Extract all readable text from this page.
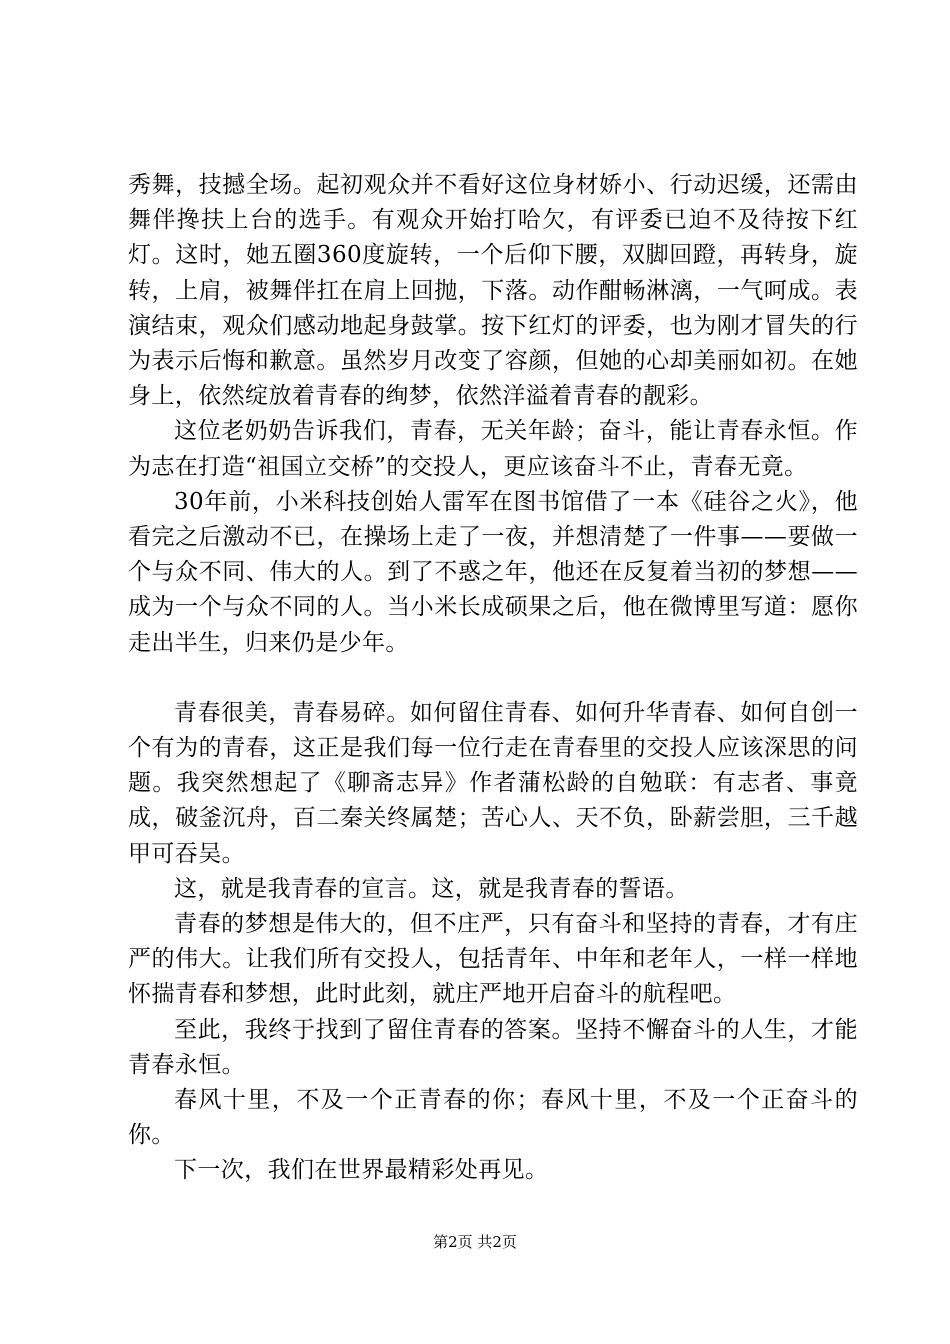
秀舞，技撼全场。起初观众并不看好这位身材娇小、行动迟缓，还需由舞伴搀扶上台的选手。有观众开始打哈欠，有评委已迫不及待按下红灯。这时，她五圈360度旋转，一个后仰下腰，双脚回蹬，再转身，旋转，上肩，被舞伴扛在肩上回抛，下落。动作酣畅淋漓，一气呵成。表演结束，观众们感动地起身鼓掌。按下红灯的评委，也为刚才冒失的行为表示后悔和歉意。虽然岁月改变了容颜，但她的心却美丽如初。在她身上，依然绽放着青春的绚梦，依然洋溢着青春的靓彩。

这位老奶奶告诉我们，青春，无关年龄；奋斗，能让青春永恒。作为志在打造“祖国立交桥”的交投人，更应该奋斗不止，青春无竟。

30年前，小米科技创始人雷军在图书馆借了一本《硅谷之火》，他看完之后激动不已，在操场上走了一夜，并想清楚了一件事——要做一个与众不同、伟大的人。到了不惑之年，他还在反复着当初的梦想——成为一个与众不同的人。当小米长成硕果之后，他在微博里写道：愿你走出半生，归来仍是少年。

青春很美，青春易碎。如何留住青春、如何升华青春、如何自创一个有为的青春，这正是我们每一位行走在青春里的交投人应该深思的问题。我突然想起了《聊斋志异》作者蒲松龄的自勉联：有志者、事竟成，破釜沉舟，百二秦关终属楚；苦心人、天不负，卧薪尝胆，三千越甲可吞吴。

这，就是我青春的宣言。这，就是我青春的誓语。

青春的梦想是伟大的，但不庄严，只有奋斗和坚持的青春，才有庄严的伟大。让我们所有交投人，包括青年、中年和老年人，一样一样地怀揣青春和梦想，此时此刻，就庄严地开启奋斗的航程吧。

至此，我终于找到了留住青春的答案。坚持不懈奋斗的人生，才能青春永恒。

春风十里，不及一个正青春的你；春风十里，不及一个正奋斗的你。

下一次，我们在世界最精彩处再见。

第2页 共2页
